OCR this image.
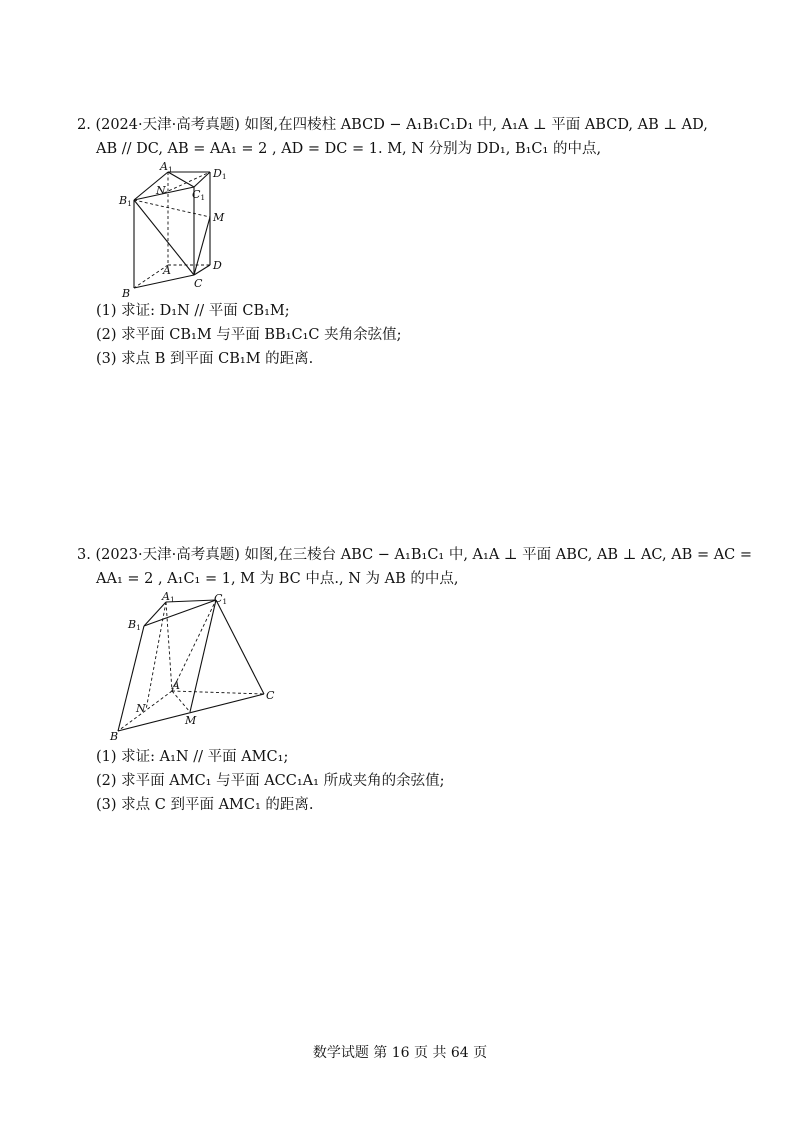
2. (2024·天津·高考真题) 如图,在四棱柱 ABCD − A₁B₁C₁D₁ 中, A₁A ⊥ 平面 ABCD, AB ⊥ AD,
AB // DC, AB = AA₁ = 2 , AD = DC = 1. M, N 分别为 DD₁, B₁C₁ 的中点,
A1	D1
C1
B1
N
M
A	D
C
B
(1) 求证: D₁N // 平面 CB₁M;
(2) 求平面 CB₁M 与平面 BB₁C₁C 夹角余弦值;
(3) 求点 B 到平面 CB₁M 的距离.
3. (2023·天津·高考真题) 如图,在三棱台 ABC − A₁B₁C₁ 中, A₁A ⊥ 平面 ABC, AB ⊥ AC, AB = AC =
AA₁ = 2 , A₁C₁ = 1, M 为 BC 中点., N 为 AB 的中点,
A1	C1
B1
A
C
N
M
B
(1) 求证: A₁N // 平面 AMC₁;
(2) 求平面 AMC₁ 与平面 ACC₁A₁ 所成夹角的余弦值;
(3) 求点 C 到平面 AMC₁ 的距离.
数学试题 第 16 页 共 64 页
